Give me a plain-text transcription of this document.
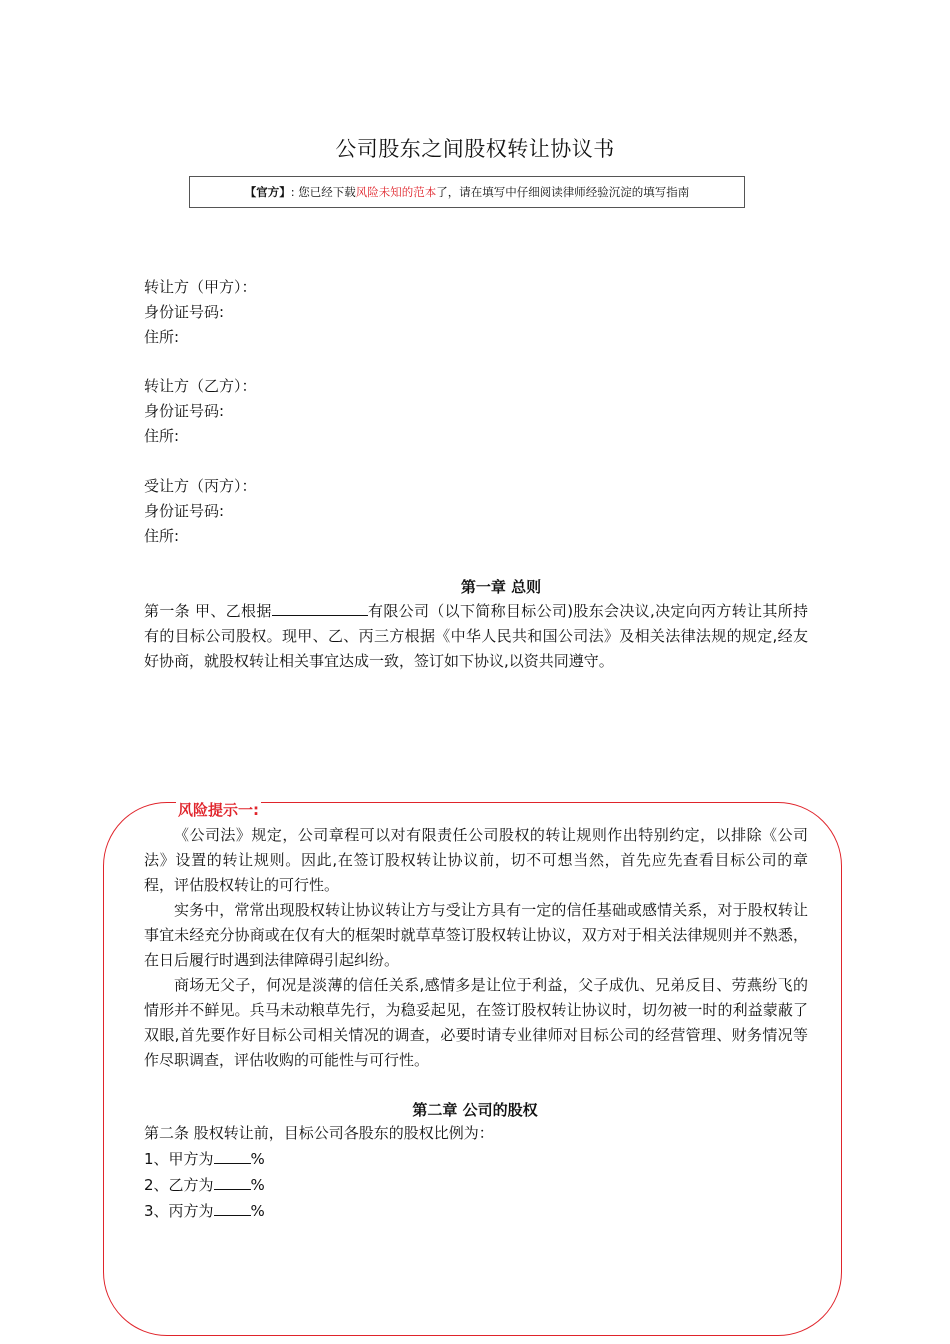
公司股东之间股权转让协议书
【官方】: 您已经下载风险未知的范本了，请在填写中仔细阅读律师经验沉淀的填写指南
转让方（甲方）：
身份证号码:
住所:
转让方（乙方）：
身份证号码:
住所:
受让方（丙方）：
身份证号码:
住所:
第一章 总则
第一条 甲、乙根据	有限公司（以下简称目标公司)股东会决议,决定向丙方转让其所持有的目标公司股权。现甲、乙、丙三方根据《中华人民共和国公司法》及相关法律法规的规定,经友好协商，就股权转让相关事宜达成一致，签订如下协议,以资共同遵守。
风险提示一:
《公司法》规定，公司章程可以对有限责任公司股权的转让规则作出特别约定，以排除《公司法》设置的转让规则。因此,在签订股权转让协议前，切不可想当然，首先应先查看目标公司的章程，评估股权转让的可行性。
实务中，常常出现股权转让协议转让方与受让方具有一定的信任基础或感情关系，对于股权转让事宜未经充分协商或在仅有大的框架时就草草签订股权转让协议，双方对于相关法律规则并不熟悉，在日后履行时遇到法律障碍引起纠纷。
商场无父子，何况是淡薄的信任关系,感情多是让位于利益，父子成仇、兄弟反目、劳燕纷飞的情形并不鲜见。兵马未动粮草先行，为稳妥起见，在签订股权转让协议时，切勿被一时的利益蒙蔽了双眼,首先要作好目标公司相关情况的调查，必要时请专业律师对目标公司的经营管理、财务情况等作尽职调查，评估收购的可能性与可行性。
第二章 公司的股权
第二条 股权转让前，目标公司各股东的股权比例为：
1、甲方为 %
2、乙方为 %
3、丙方为 %
